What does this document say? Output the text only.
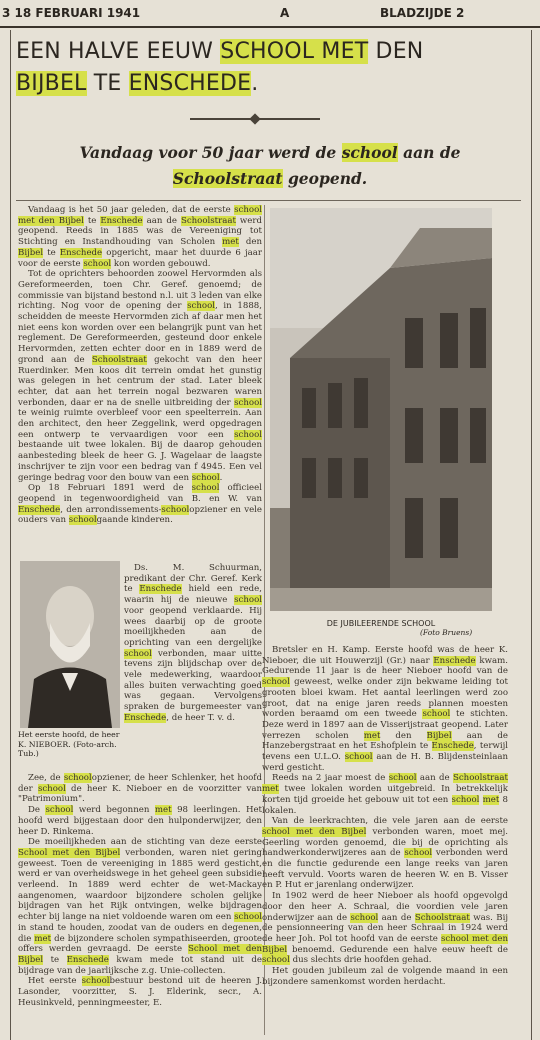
3 18 FEBRUARI 1941	A	BLADZIJDE 2
EEN HALVE EEUW SCHOOL MET DEN
BIJBEL TE ENSCHEDE.
Vandaag voor 50 jaar werd de school aan de
Schoolstraat geopend.

Vandaag is het 50 jaar geleden, dat de eerste school met den Bijbel te Enschede aan de Schoolstraat werd geopend. Reeds in 1885 was de Vereeniging tot Stichting en Instandhouding van Scholen met den Bijbel te Enschede opgericht, maar het duurde 6 jaar voor de eerste school kon worden gebouwd.

Tot de oprichters behoorden zoowel Hervormden als Gereformeerden, toen Chr. Geref. genoemd; de commissie van bijstand bestond n.l. uit 3 leden van elke richting. Nog voor de opening der school, in 1888, scheidden de meeste Hervormden zich af daar men het niet eens kon worden over een belangrijk punt van het reglement. De Gereformeerden, gesteund door enkele Hervormden, zetten echter door en in 1889 werd de grond aan de Schoolstraat gekocht van den heer Ruerdinker. Men koos dit terrein omdat het gunstig was gelegen in het centrum der stad. Later bleek echter, dat aan het terrein nogal bezwaren waren verbonden, daar er na de snelle uitbreiding der school te weinig ruimte overbleef voor een speelterrein. Aan den architect, den heer Zeggelink, werd opgedragen een ontwerp te vervaardigen voor een school bestaande uit twee lokalen. Bij de daarop gehouden aanbesteding bleek de heer G. J. Wagelaar de laagste inschrijver te zijn voor een bedrag van f 4945. Een vel geringe bedrag voor den bouw van een school.

Op 18 Februari 1891 werd de school officieel geopend in tegenwoordigheid van B. en W. van Enschede, den arrondissements-schoolopziener en vele ouders van schoolgaande kinderen.

DE JUBILEERENDE SCHOOL
(Foto Bruens)
Het eerste hoofd, de heer K. NIEBOER. (Foto-arch. Tub.)

Ds. M. Schuurman, predikant der Chr. Geref. Kerk te Enschede hield een rede, waarin hij de nieuwe school voor geopend verklaarde. Hij wees daarbij op de groote moeilijkheden aan de oprichting van een dergelijke school verbonden, maar uitte tevens zijn blijdschap over de vele medewerking, waardoor alles buiten verwachting goed was gegaan. Vervolgens spraken de burgemeester van Enschede, de heer T. v. d.

Zee, de schoolopziener, de heer Schlenker, het hoofd der school de heer K. Nieboer en de voorzitter van "Patrimonium".

De school werd begonnen met 98 leerlingen. Het hoofd werd bijgestaan door den hulponderwijzer, den heer D. Rinkema.

De moeilijkheden aan de stichting van deze eerste School met den Bijbel verbonden, waren niet gering geweest. Toen de vereeniging in 1885 werd gesticht, werd er van overheidswege in het geheel geen subsidie verleend. In 1889 werd echter de wet-Mackay aangenomen, waardoor bijzondere scholen gelijke bijdragen van het Rijk ontvingen, welke bijdragen echter bij lange na niet voldoende waren om een school in stand te houden, zoodat van de ouders en degenen, die met de bijzondere scholen sympathiseerden, groote offers werden gevraagd. De eerste School met den Bijbel te Enschede kwam mede tot stand uit de bijdrage van de jaarlijksche z.g. Unie-collecten.

Het eerste schoolbestuur bestond uit de heeren J. Lasonder, voorzitter, S. J. Elderink, secr., A. Heusinkveld, penningmeester, E.

Bretsler en H. Kamp. Eerste hoofd was de heer K. Nieboer, die uit Houwerzijl (Gr.) naar Enschede kwam. Gedurende 11 jaar is de heer Nieboer hoofd van de school geweest, welke onder zijn bekwame leiding tot grooten bloei kwam. Het aantal leerlingen werd zoo groot, dat na enige jaren reeds plannen moesten worden beraamd om een tweede school te stichten. Deze werd in 1897 aan de Visserijstraat geopend. Later verrezen scholen met den Bijbel aan de Hanzebergstraat en het Eshofplein te Enschede, terwijl tevens een U.L.O. school aan de H. B. Blijdensteinlaan werd gesticht.

Reeds na 2 jaar moest de school aan de Schoolstraat met twee lokalen worden uitgebreid. In betrekkelijk korten tijd groeide het gebouw uit tot een school met 8 lokalen.

Van de leerkrachten, die vele jaren aan de eerste school met den Bijbel verbonden waren, moet mej. Geerling worden genoemd, die bij de oprichting als handwerkonderwijzeres aan de school verbonden werd en die functie gedurende een lange reeks van jaren heeft vervuld. Voorts waren de heeren W. en B. Visser en P. Hut er jarenlang onderwijzer.

In 1902 werd de heer Nieboer als hoofd opgevolgd door den heer A. Schraal, die voordien vele jaren onderwijzer aan de school aan de Schoolstraat was. Bij de pensionneering van den heer Schraal in 1924 werd de heer Joh. Pol tot hoofd van de eerste school met den Bijbel benoemd. Gedurende een halve eeuw heeft de school dus slechts drie hoofden gehad.

Het gouden jubileum zal de volgende maand in een bijzondere samenkomst worden herdacht.
